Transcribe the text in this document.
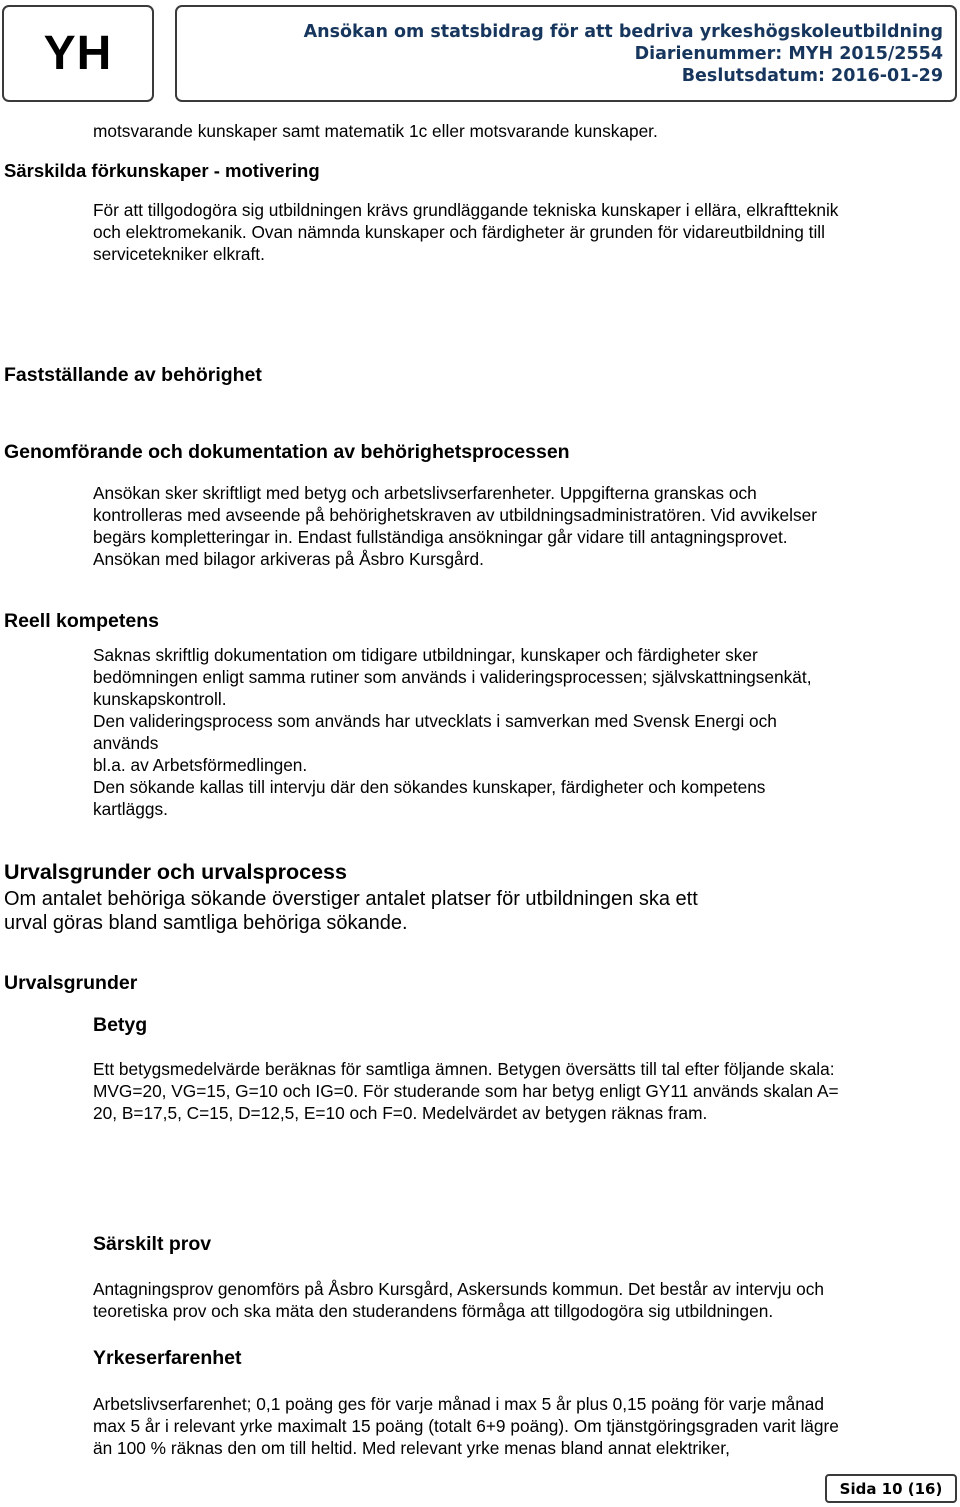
YH	Ansökan om statsbidrag för att bedriva yrkeshögskoleutbildning
Diarienummer: MYH 2015/2554
Beslutsdatum: 2016-01-29

motsvarande kunskaper samt matematik 1c eller motsvarande kunskaper.

Särskilda förkunskaper - motivering

För att tillgodogöra sig utbildningen krävs grundläggande tekniska kunskaper i ellära, elkraftteknik
och elektromekanik. Ovan nämnda kunskaper och färdigheter är grunden för vidareutbildning till
servicetekniker elkraft.

Fastställande av behörighet
Genomförande och dokumentation av behörighetsprocessen

Ansökan sker skriftligt med betyg och arbetslivserfarenheter. Uppgifterna granskas och
kontrolleras med avseende på behörighetskraven av utbildningsadministratören. Vid avvikelser
begärs kompletteringar in. Endast fullständiga ansökningar går vidare till antagningsprovet.
Ansökan med bilagor arkiveras på Åsbro Kursgård.

Reell kompetens

Saknas skriftlig dokumentation om tidigare utbildningar, kunskaper och färdigheter sker
bedömningen enligt samma rutiner som används i valideringsprocessen; självskattningsenkät,
kunskapskontroll.
Den valideringsprocess som används har utvecklats i samverkan med Svensk Energi och
används
bl.a. av Arbetsförmedlingen.
Den sökande kallas till intervju där den sökandes kunskaper, färdigheter och kompetens
kartläggs.

Urvalsgrunder och urvalsprocess

Om antalet behöriga sökande överstiger antalet platser för utbildningen ska ett
urval göras bland samtliga behöriga sökande.

Urvalsgrunder
Betyg

Ett betygsmedelvärde beräknas för samtliga ämnen. Betygen översätts till tal efter följande skala:
MVG=20, VG=15, G=10 och IG=0. För studerande som har betyg enligt GY11 används skalan A=
20, B=17,5, C=15, D=12,5, E=10 och F=0. Medelvärdet av betygen räknas fram.

Särskilt prov

Antagningsprov genomförs på Åsbro Kursgård, Askersunds kommun. Det består av intervju och
teoretiska prov och ska mäta den studerandens förmåga att tillgodogöra sig utbildningen.

Yrkeserfarenhet

Arbetslivserfarenhet; 0,1 poäng ges för varje månad i max 5 år plus 0,15 poäng för varje månad
max 5 år i relevant yrke maximalt 15 poäng (totalt 6+9 poäng). Om tjänstgöringsgraden varit lägre
än 100 % räknas den om till heltid. Med relevant yrke menas bland annat elektriker,

Sida 10 (16)
